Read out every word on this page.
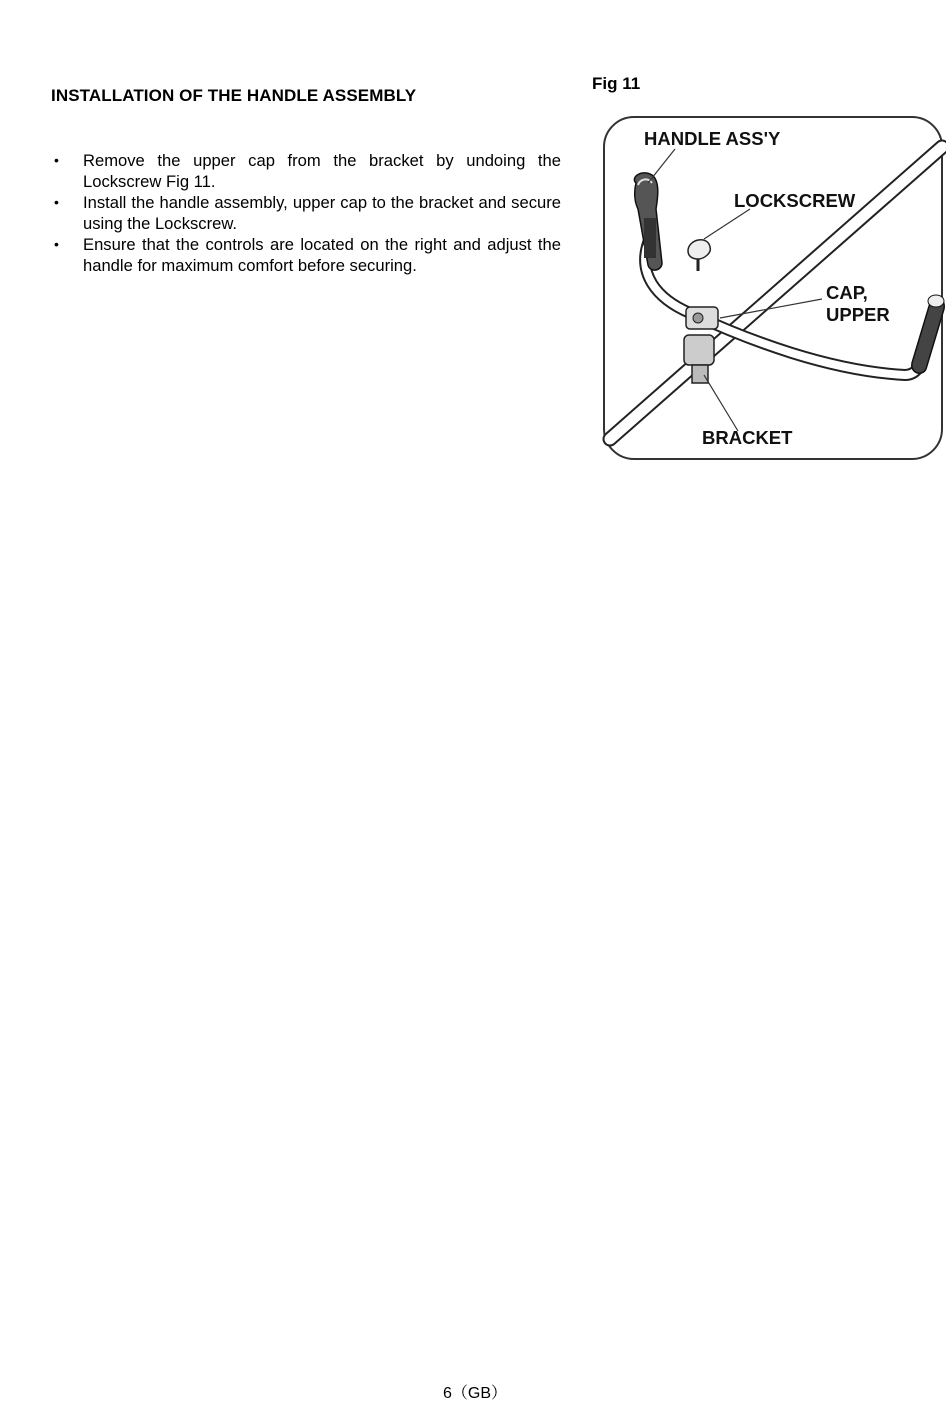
INSTALLATION OF THE HANDLE ASSEMBLY
• Remove the upper cap from the bracket by undoing the Lockscrew Fig 11.
• Install the handle assembly, upper cap to the bracket and secure using the Lockscrew.
• Ensure that the controls are located on the right and adjust the handle for maximum comfort before securing.
Fig 11
HANDLE ASS'Y
LOCKSCREW
CAP,
UPPER
BRACKET
6（GB）
